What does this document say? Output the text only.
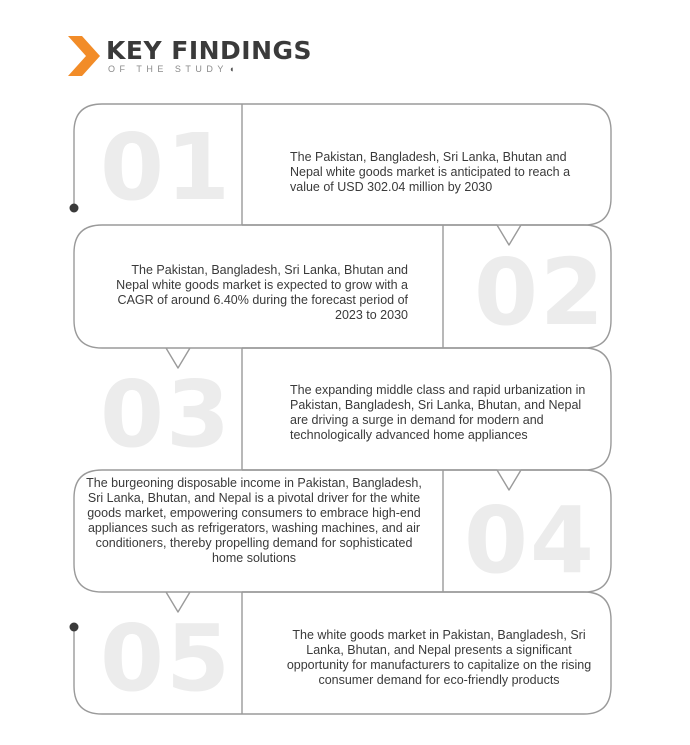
KEY FINDINGS
OF THE STUDY◖
01
02
03
04
05
The Pakistan, Bangladesh, Sri Lanka, Bhutan and Nepal white goods market is anticipated to reach a value of USD 302.04 million by 2030
The Pakistan, Bangladesh, Sri Lanka, Bhutan and Nepal white goods market is expected to grow with a CAGR of around 6.40% during the forecast period of 2023 to 2030
The expanding middle class and rapid urbanization in Pakistan, Bangladesh, Sri Lanka, Bhutan, and Nepal are driving a surge in demand for modern and technologically advanced home appliances
The burgeoning disposable income in Pakistan, Bangladesh, Sri Lanka, Bhutan, and Nepal is a pivotal driver for the white goods market, empowering consumers to embrace high-end appliances such as refrigerators, washing machines, and air conditioners, thereby propelling demand for sophisticated home solutions
The white goods market in Pakistan, Bangladesh, Sri Lanka, Bhutan, and Nepal presents a significant opportunity for manufacturers to capitalize on the rising consumer demand for eco-friendly products
